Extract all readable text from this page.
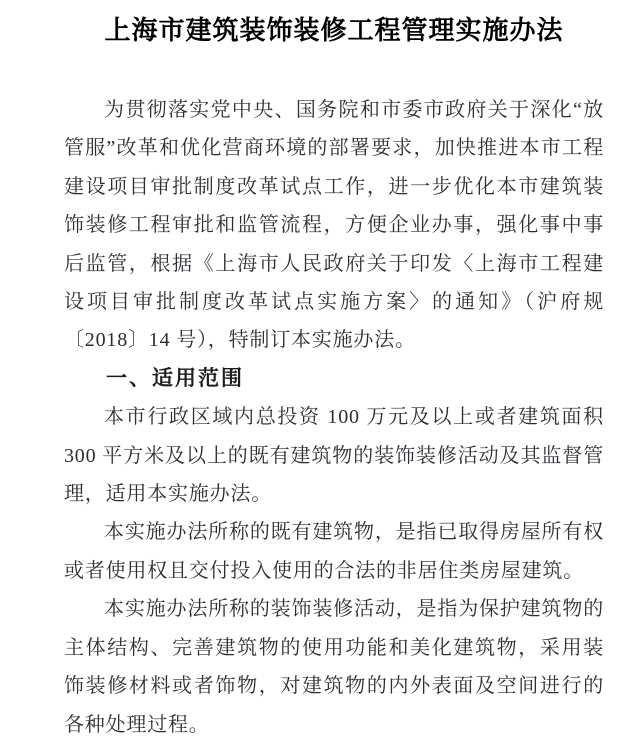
上海市建筑装饰装修工程管理实施办法

为贯彻落实党中央、国务院和市委市政府关于深化“放管服”改革和优化营商环境的部署要求，加快推进本市工程建设项目审批制度改革试点工作，进一步优化本市建筑装饰装修工程审批和监管流程，方便企业办事，强化事中事后监管，根据《上海市人民政府关于印发〈上海市工程建设项目审批制度改革试点实施方案〉的通知》（沪府规〔2018〕14 号），特制订本实施办法。

一、适用范围

本市行政区域内总投资 100 万元及以上或者建筑面积 300 平方米及以上的既有建筑物的装饰装修活动及其监督管理，适用本实施办法。

本实施办法所称的既有建筑物，是指已取得房屋所有权或者使用权且交付投入使用的合法的非居住类房屋建筑。

本实施办法所称的装饰装修活动，是指为保护建筑物的主体结构、完善建筑物的使用功能和美化建筑物，采用装饰装修材料或者饰物，对建筑物的内外表面及空间进行的各种处理过程。
